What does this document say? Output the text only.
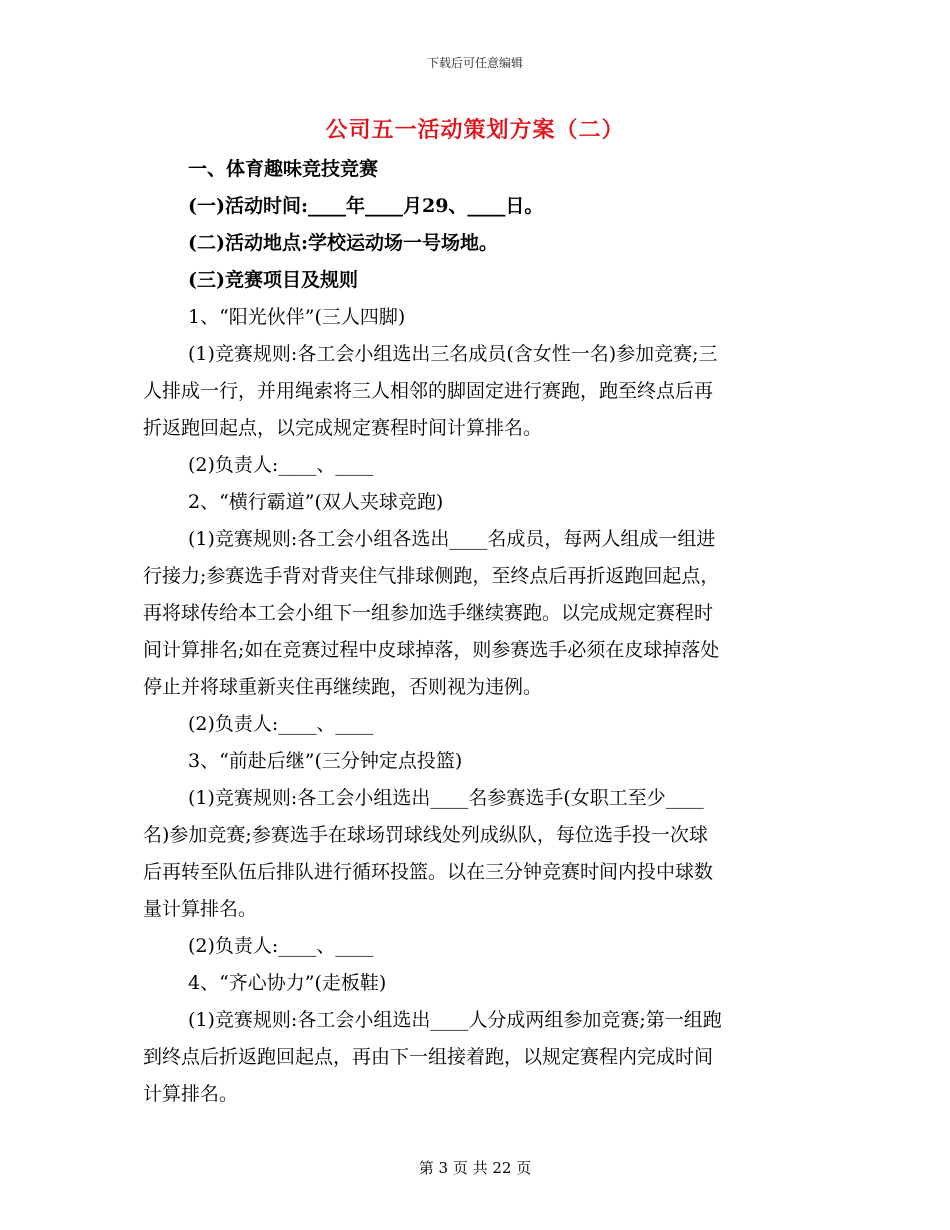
下载后可任意编辑
公司五一活动策划方案（二）
一、体育趣味竞技竞赛
(一)活动时间:____年____月29、____日。
(二)活动地点:学校运动场一号场地。
(三)竞赛项目及规则
1、“阳光伙伴”(三人四脚)
(1)竞赛规则:各工会小组选出三名成员(含女性一名)参加竞赛;三
人排成一行，并用绳索将三人相邻的脚固定进行赛跑，跑至终点后再
折返跑回起点，以完成规定赛程时间计算排名。
(2)负责人:____、____
2、“横行霸道”(双人夹球竞跑)
(1)竞赛规则:各工会小组各选出____名成员，每两人组成一组进
行接力;参赛选手背对背夹住气排球侧跑，至终点后再折返跑回起点，
再将球传给本工会小组下一组参加选手继续赛跑。以完成规定赛程时
间计算排名;如在竞赛过程中皮球掉落，则参赛选手必须在皮球掉落处
停止并将球重新夹住再继续跑，否则视为违例。
(2)负责人:____、____
3、“前赴后继”(三分钟定点投篮)
(1)竞赛规则:各工会小组选出____名参赛选手(女职工至少____
名)参加竞赛;参赛选手在球场罚球线处列成纵队，每位选手投一次球
后再转至队伍后排队进行循环投篮。以在三分钟竞赛时间内投中球数
量计算排名。
(2)负责人:____、____
4、“齐心协力”(走板鞋)
(1)竞赛规则:各工会小组选出____人分成两组参加竞赛;第一组跑
到终点后折返跑回起点，再由下一组接着跑，以规定赛程内完成时间
计算排名。
第 3 页 共 22 页
